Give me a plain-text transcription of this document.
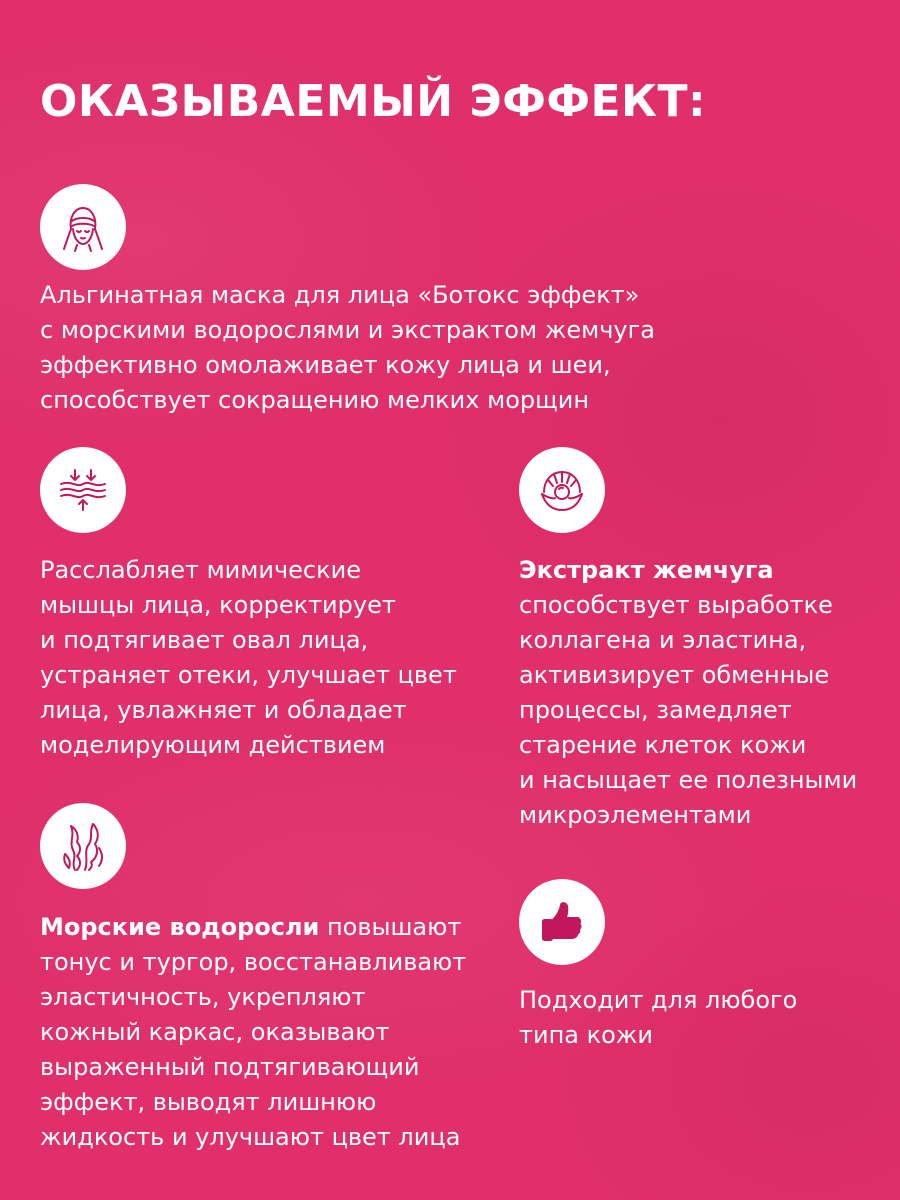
ОКАЗЫВАЕМЫЙ ЭФФЕКТ:
Альгинатная маска для лица «Ботокс эффект»
с морскими водорослями и экстрактом жемчуга
эффективно омолаживает кожу лица и шеи,
способствует сокращению мелких морщин
Расслабляет мимические
мышцы лица, корректирует
и подтягивает овал лица,
устраняет отеки, улучшает цвет
лица, увлажняет и обладает
моделирующим действием
Экстракт жемчуга
способствует выработке
коллагена и эластина,
активизирует обменные
процессы, замедляет
старение клеток кожи
и насыщает ее полезными
микроэлементами
Морские водоросли повышают
тонус и тургор, восстанавливают
эластичность, укрепляют
кожный каркас, оказывают
выраженный подтягивающий
эффект, выводят лишнюю
жидкость и улучшают цвет лица
Подходит для любого
типа кожи
